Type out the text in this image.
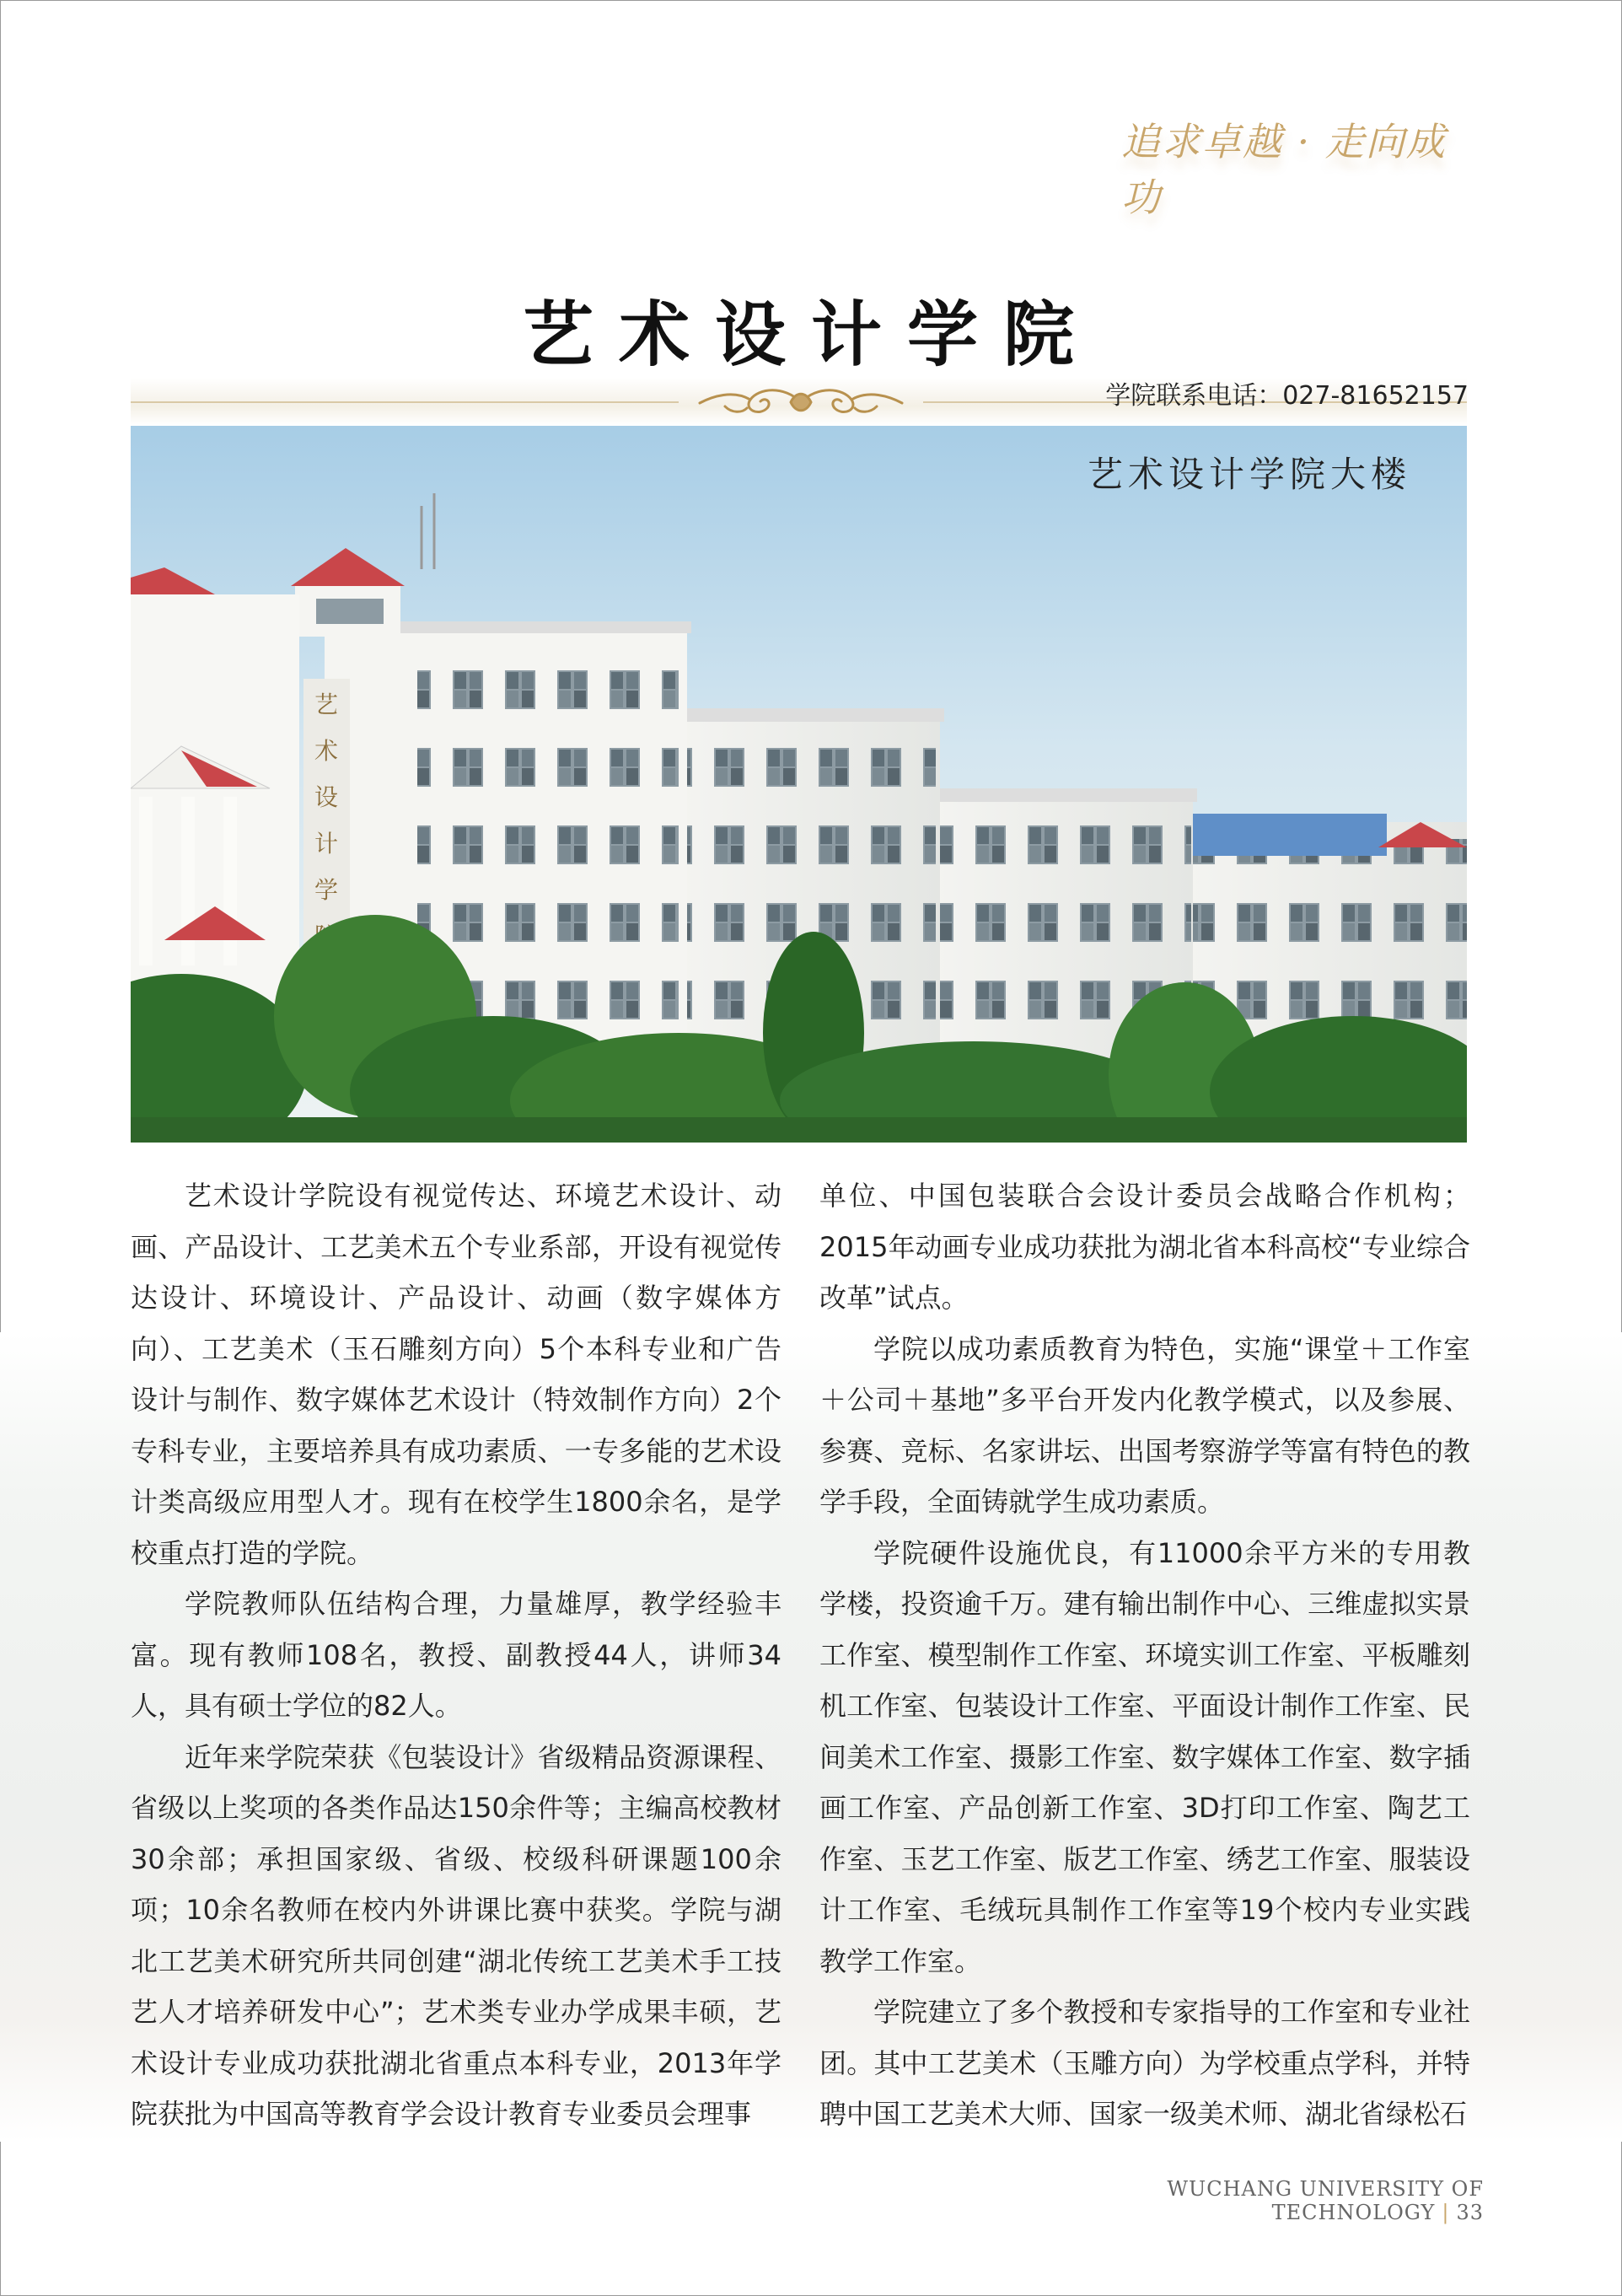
追求卓越 · 走向成功
艺术设计学院
学院联系电话：027-81652157
艺
术
设
计
学
艺术设计学院大楼

艺术设计学院设有视觉传达、环境艺术设计、动画、产品设计、工艺美术五个专业系部，开设有视觉传达设计、环境设计、产品设计、动画（数字媒体方向）、工艺美术（玉石雕刻方向）5个本科专业和广告设计与制作、数字媒体艺术设计（特效制作方向）2个专科专业，主要培养具有成功素质、一专多能的艺术设计类高级应用型人才。现有在校学生1800余名，是学校重点打造的学院。

学院教师队伍结构合理，力量雄厚，教学经验丰富。现有教师108名，教授、副教授44人，讲师34人，具有硕士学位的82人。

近年来学院荣获《包装设计》省级精品资源课程、省级以上奖项的各类作品达150余件等；主编高校教材30余部；承担国家级、省级、校级科研课题100余项；10余名教师在校内外讲课比赛中获奖。学院与湖北工艺美术研究所共同创建“湖北传统工艺美术手工技艺人才培养研发中心”；艺术类专业办学成果丰硕，艺术设计专业成功获批湖北省重点本科专业，2013年学院获批为中国高等教育学会设计教育专业委员会理事

单位、中国包装联合会设计委员会战略合作机构；2015年动画专业成功获批为湖北省本科高校“专业综合改革”试点。

学院以成功素质教育为特色，实施“课堂＋工作室＋公司＋基地”多平台开发内化教学模式，以及参展、参赛、竞标、名家讲坛、出国考察游学等富有特色的教学手段，全面铸就学生成功素质。

学院硬件设施优良，有11000余平方米的专用教学楼，投资逾千万。建有输出制作中心、三维虚拟实景工作室、模型制作工作室、环境实训工作室、平板雕刻机工作室、包装设计工作室、平面设计制作工作室、民间美术工作室、摄影工作室、数字媒体工作室、数字插画工作室、产品创新工作室、3D打印工作室、陶艺工作室、玉艺工作室、版艺工作室、绣艺工作室、服装设计工作室、毛绒玩具制作工作室等19个校内专业实践教学工作室。

学院建立了多个教授和专家指导的工作室和专业社团。其中工艺美术（玉雕方向）为学校重点学科，并特聘中国工艺美术大师、国家一级美术师、湖北省绿松石

WUCHANG UNIVERSITY OF TECHNOLOGY | 33
